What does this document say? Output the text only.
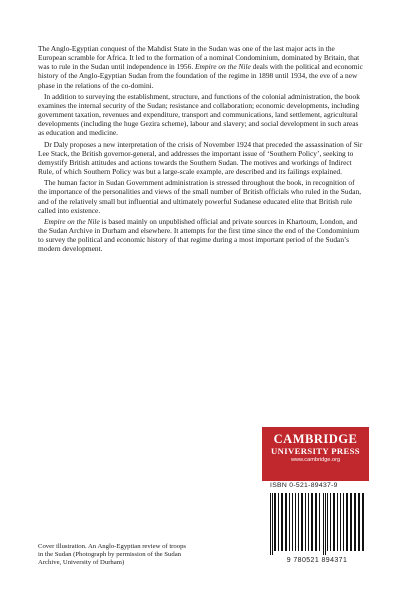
The Anglo-Egyptian conquest of the Mahdist State in the Sudan was one of the last major acts in the European scramble for Africa. It led to the formation of a nominal Condominium, dominated by Britain, that was to rule in the Sudan until independence in 1956. Empire on the Nile deals with the political and economic history of the Anglo-Egyptian Sudan from the foundation of the regime in 1898 until 1934, the eve of a new phase in the relations of the co-domini.

In addition to surveying the establishment, structure, and functions of the colonial administration, the book examines the internal security of the Sudan; resistance and collaboration; economic developments, including government taxation, revenues and expenditure, transport and communications, land settlement, agricultural developments (including the huge Gezira scheme), labour and slavery; and social development in such areas as education and medicine.

Dr Daly proposes a new interpretation of the crisis of November 1924 that preceded the assassination of Sir Lee Stack, the British governor-general, and addresses the important issue of ‘Southern Policy’, seeking to demystify British attitudes and actions towards the Southern Sudan. The motives and workings of Indirect Rule, of which Southern Policy was but a large-scale example, are described and its failings explained.

The human factor in Sudan Government administration is stressed throughout the book, in recognition of the importance of the personalities and views of the small number of British officials who ruled in the Sudan, and of the relatively small but influential and ultimately powerful Sudanese educated elite that British rule called into existence.

Empire on the Nile is based mainly on unpublished official and private sources in Khartoum, London, and the Sudan Archive in Durham and elsewhere. It attempts for the first time since the end of the Condominium to survey the political and economic history of that regime during a most important period of the Sudan’s modern development.

CAMBRIDGE
UNIVERSITY PRESS
www.cambridge.org
ISBN 0-521-89437-9
9 780521 894371
Cover illustration. An Anglo-Egyptian review of troops in the Sudan (Photograph by permission of the Sudan Archive, University of Durham)
